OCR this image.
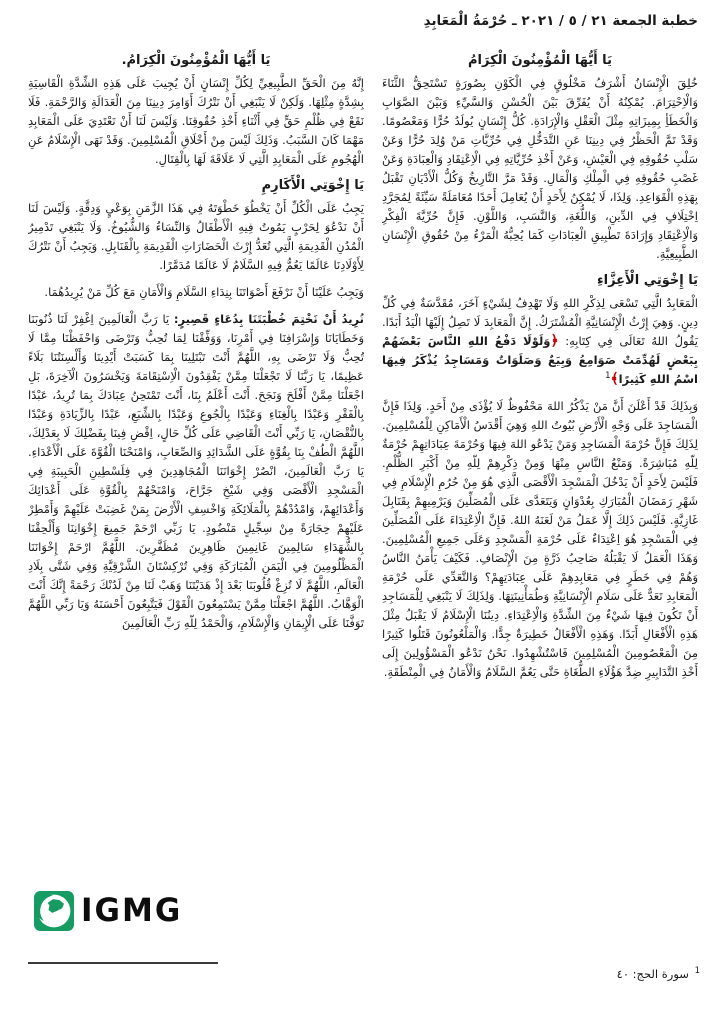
خطبة الجمعة ٢١ / ٥ / ٢٠٢١ ـ حُرْمَةُ الْمَعَابِدِ
يَا أَيُّهَا الْمُؤْمِنُونَ الْكِرَامُ

خُلِقَ الْإِنْسَانُ أَشْرَفُ مَخْلُوقٍ فِي الْكَوْنِ بِصُورَةٍ تَسْتَحِقُّ الثَّنَاءَ وَالْاِحْتِرَامَ. يُمْكِنُهُ أَنْ يُفَرِّقَ بَيْنَ الْحُسْنِ وَالسَّيِّءِ وَبَيْنَ الصَّوَابِ وَالْخَطَأِ بِمِيزَاتِهِ مِثْلَ الْعَقْلِ وَالْإِرَادَةِ. كُلُّ إِنْسَانٍ يُولَدُ حُرًّا وَمَعْصُومًا. وَقَدْ تَمَّ الْحَظْرُ فِي دِينِنَا عَنِ التَّدَخُّلِ فِي حُرِّيَّاتِ مَنْ وُلِدَ حُرًّا وَعَنْ سَلْبِ حُقُوقِهِ فِي الْعَيْشِ، وَعَنْ أَخْذِ حُرِّيَّاتِهِ فِي الْاِعْتِقَادِ وَالْعِبَادَةِ وَعَنْ غَصْبِ حُقُوقِهِ فِي الْمِلْكِ وَالْمَالِ. وَقَدْ مَرَّ التَّارِيخُ وَكُلُّ الْأَدْيَانِ تَقْبَلُ بِهَذِهِ الْقَوَاعِدِ. وَلِذَا، لَا يُمْكِنُ لِأَحَدٍ أَنْ يُعَامِلَ أَحَدًا مُعَامَلَةً سَيِّئَةً لِمُجَرَّدِ اِخْتِلَافٍ فِي الدِّينِ، وَاللُّغَةِ، وَالنَّسَبِ، وَاللَّوْنِ. فَإِنَّ حُرِّيَّةَ الْفِكْرِ وَالْاِعْتِقَادِ وَإِرَادَةَ تَطْبِيقِ الْعِبَادَاتِ كَمَا يُحِبُّهُ الْمَرْءُ مِنْ حُقُوقِ الْإِنْسَانِ الطَّبِيعِيَّةِ.

يَا إِخْوَتِي الْأَعِزَّاءِ

الْمَعَابِدُ الَّتِي تَسْعَى لِذِكْرِ اللهِ وَلَا تَهْدِفُ لِشَيْءٍ آخَرَ، مُقَدَّسَةٌ فِي كُلِّ دِينٍ. وَهِيَ إِرْثُ الْإِنْسَانِيَّةِ الْمُشْتَرَكُ. إِنَّ الْمَعَابِدَ لَا تَصِلُ إِلَيْهَا الْيَدُ أَبَدًا. يَقُولُ اللهُ تَعَالَى فِي كِتَابِهِ: ﴿وَلَوْلَا دَفْعُ اللهِ النَّاسَ بَعْضَهُمْ بِبَعْضٍ لَهُدِّمَتْ صَوَامِعُ وَبِيَعٌ وَصَلَوَاتٌ وَمَسَاجِدُ يُذْكَرُ فِيهَا اسْمُ اللهِ كَثِيرًا﴾$^1$

وَبِذَلِكَ قَدْ أَعْلَنَ أَنَّ مَنْ يَذْكُرُ اللهَ مَحْفُوظٌ لَا يُؤْذَى مِنْ أَحَدٍ. وَلِذَا فَإِنَّ الْمَسَاجِدَ عَلَى وَجْهِ الْأَرْضِ بُيُوتُ اللهِ وَهِيَ أَقْدَسُ الْأَمَاكِنِ لِلْمُسْلِمِينَ. لِذَلِكَ فَإِنَّ حُرْمَةَ الْمَسَاجِدِ وَمَنْ يَدْعُو اللهَ فِيهَا وَحُرْمَةَ عِبَادَاتِهِمْ حُرْمَةٌ لِلّهِ مُبَاشِرَةً. وَمَنْعُ النَّاسِ مِنْهَا وَمِنْ ذِكْرِهِمْ لِلّهِ مِنْ أَكْبَرِ الظُّلْمِ. فَلَيْسَ لِأَحَدٍ أَنْ يَدْخُلَ الْمَسْجِدَ الْأَقْصَى الَّذِي هُوَ مِنْ حُرُمِ الْإِسْلَامِ فِي شَهْرِ رَمَضَانَ الْمُبَارَكِ بِعُدْوَانٍ وَيَتَعَدَّى عَلَى الْمُصَلِّينَ وَيَرْمِيهِمْ بِقَنَابِلَ غَازِيَّةٍ. فَلَيْسَ ذَلِكَ إِلَّا عَمَلُ مَنْ لَعَنَهُ اللهُ. فَإِنَّ الْاِعْتِدَاءَ عَلَى الْمُصَلِّينَ فِي الْمَسْجِدِ هُوَ اِعْتِدَاءٌ عَلَى حُرْمَةِ الْمَسْجِدِ وَعَلَى جَمِيعِ الْمُسْلِمِينَ. وَهَذَا الْعَمَلُ لَا يَقْبَلُهُ صَاحِبُ ذَرَّةٍ مِنَ الْإِنْصَافِ. فَكَيْفَ يَأْمَنُ النَّاسُ وَهُمْ فِي خَطَرٍ فِي مَعَابِدِهِمْ عَلَى عِبَادَتِهِمْ؟ وَالتَّعَدِّي عَلَى حُرْمَةِ الْمَعَابِدِ تَعَدٌّ عَلَى سَلَامِ الْإِنْسَانِيَّةِ وَطُمَأْنِينَتِهَا. وَلِذَلِكَ لَا يَنْبَغِي لِلْمَسَاجِدِ أَنْ تَكُونَ فِيهَا شَيْءٌ مِنَ الشِّدَّةِ وَالْاِعْتِدَاءِ. دِينُنَا الْإِسْلَامُ لَا يَقْبَلُ مِثْلَ هَذِهِ الْأَفْعَالِ أَبَدًا. وَهَذِهِ الْأَفْعَالُ خَطِيرَةٌ جِدًّا. وَالْمَلْعُونُونَ قَتَلُوا كَثِيرًا مِنَ الْمَعْصُومِينَ الْمُسْلِمِينَ فَاسْتُشْهِدُوا. نَحْنُ نَدْعُو الْمَسْؤُولِينَ إِلَى أَخْذِ التَّدَابِيرِ ضِدَّ هَؤُلَاءِ الطُّغَاةِ حَتَّى يَعُمَّ السَّلَامُ وَالْأَمَانُ فِي الْمِنْطَقَةِ.

يَا أَيُّهَا الْمُؤْمِنُونَ الْكِرَامُ.

إِنَّهُ مِنَ الْحَقِّ الطَّبِيعِيِّ لِكُلِّ إِنْسَانٍ أَنْ يُجِيبَ عَلَى هَذِهِ الشِّدَّةِ الْقَاسِيَةِ بِشِدَّةٍ مِثْلِهَا. وَلَكِنْ لَا يَنْبَغِي أَنْ نَتْرُكَ أَوَامِرَ دِينِنَا مِنَ الْعَدَالَةِ وَالرَّحْمَةِ. فَلَا نَقَعْ فِي ظُلْمِ حَقٍّ فِي أَثْنَاءِ أَخْذِ حُقُوقِنَا. وَلَيْسَ لَنَا أَنْ نَعْتَدِيَ عَلَى الْمَعَابِدِ مَهْمَا كَانَ السَّبَبُ. وَذَلِكَ لَيْسَ مِنْ أَخْلَاقِ الْمُسْلِمِينَ. وَقَدْ نَهَى الْإِسْلَامُ عَنِ الْهُجُومِ عَلَى الْمَعَابِدِ الَّتِي لَا عَلَاقَةَ لَهَا بِالْقِتَالِ.

يَا إِخْوَتِي الْأَكَارِمِ

يَجِبُ عَلَى الْكُلِّ أَنْ يَخْطُوَ خَطْوَتَهُ فِي هَذَا الزَّمَنِ بِوَعْيٍ وَدِقَّةٍ. وَلَيْسَ لَنَا أَنْ نَدْعُوَ لِحَرْبٍ يَمُوتُ فِيهِ الْأَطْفَالُ وَالنِّسَاءُ وَالشُّيُوخُ. وَلَا يَنْبَغِي تَدْمِيرُ الْمُدُنِ الْقَدِيمَةِ الَّتِي تُعَدُّ إِرْثَ الْحَضَارَاتِ الْقَدِيمَةِ بِالْقَنَابِلِ. وَيَجِبُ أَنْ نَتْرُكَ لِأَوْلَادِنَا عَالَمًا يَعُمُّ فِيهِ السَّلَامُ لَا عَالَمًا مُدَمَّرًا.

وَيَجِبُ عَلَيْنَا أَنْ نَرْفَعَ أَصْوَاتَنَا بِنِدَاءِ السَّلَامِ وَالْأَمَانِ مَعَ كُلِّ مَنْ يُرِيدُهُمَا.

نُرِيدُ أَنْ نَخْتِمَ خُطْبَتَنَا بِدُعَاءٍ قَصِيرٍ: يَا رَبَّ الْعَالَمِينَ اِغْفِرْ لَنَا ذُنُوبَنَا وَخَطَايَانَا وَإِسْرَافِنَا فِي أَمْرِنَا، وَوَفِّقْنَا لِمَا تُحِبُّ وَتَرْضَى وَاحْفَظْنَا مِمَّا لَا تُحِبُّ وَلَا تَرْضَى بِهِ، اللَّهُمَّ أَنْتَ تَبْتَلِينَا بِمَا كَسَبَتْ أَيْدِينَا وَأَلْسِنَتُنَا بَلَاءً عَظِيمًا، يَا رَبَّنَا لَا تَجْعَلْنَا مِمَّنْ يَفْقِدُونَ الْاِسْتِقَامَةَ وَيَخْسَرُونَ الْآخِرَةَ، بَلِ اجْعَلْنَا مِمَّنْ أَفْلَحَ وَنَجَحَ. أَنْتَ أَعْلَمُ بِنَا، أَنْتَ تَمْتَحِنُ عِبَادَكَ بِمَا تُرِيدُ، عَبْدًا بِالْفَقْرِ وَعَبْدًا بِالْغِنَاءِ وَعَبْدًا بِالْجُوعِ وَعَبْدًا بِالشِّبَعِ، عَبْدًا بِالزِّيَادَةِ وَعَبْدًا بِالنُّقْصَانِ، يَا رَبِّي أَنْتَ الْقَاضِي عَلَى كُلِّ حَالٍ، اِقْضِ فِينَا بِفَضْلِكَ لَا بِعَدْلِكَ، اللَّهُمَّ الْطُفْ بِنَا بِقُوَّةٍ عَلَى الشَّدَائِدِ وَالصِّعَابِ، وَامْنَحْنَا الْقُوَّةَ عَلَى الْأَعْدَاءِ. يَا رَبَّ الْعَالَمِينَ، انْصُرْ إِخْوَانَنَا الْمُجَاهِدِينَ فِي فِلَسْطِينِ الْحَبِيبَةِ فِي الْمَسْجِدِ الْأَقْصَى وَفِي شَيْخِ جَرَّاحَ، وَامْنَحْهُمْ بِالْقُوَّةِ عَلَى أَعْدَائِكَ وَأَعْدَائِهِمْ، وَامْدُدْهُمْ بِالْمَلَائِكَةِ وَاخْسِفِ الْأَرْضَ بِمَنْ غَضِبَتْ عَلَيْهِمْ وَأَمْطِرْ عَلَيْهِمْ حِجَارَةً مِنْ سِجِّيلٍ مَنْضُودٍ. يَا رَبِّي ارْحَمْ جَمِيعَ إِخْوَانِنَا وَأَلْحِقْنَا بِالشُّهَدَاءِ سَالِمِينَ غَانِمِينَ ظَاهِرِينَ مُظَفَّرِينَ. اللَّهُمَّ ارْحَمْ إِخْوَانَنَا الْمَظْلُومِينَ فِي الْيَمَنِ الْمُبَارَكَةِ وَفِي تُرْكِسْتَانَ الشَّرْقِيَّةِ وَفِي شَتَّى بِلَادِ الْعَالَمِ، اللَّهُمَّ لَا تُزِغْ قُلُوبَنَا بَعْدَ إِذْ هَدَيْتَنَا وَهَبْ لَنَا مِنْ لَدُنْكَ رَحْمَةً إِنَّكَ أَنْتَ الْوَهَّابُ. اللَّهُمَّ اجْعَلْنَا مِمَّنْ يَسْتَمِعُونَ الْقَوْلَ فَيَتَّبِعُونَ أَحْسَنَهُ وَيَا رَبِّي اللَّهُمَّ تَوَفَّنَا عَلَى الْإِيمَانِ وَالْإِسْلَامِ، وَالْحَمْدُ لِلّهِ رَبِّ الْعَالَمِينَ

IGMG
$^1$ سورة الحج: ٤٠
